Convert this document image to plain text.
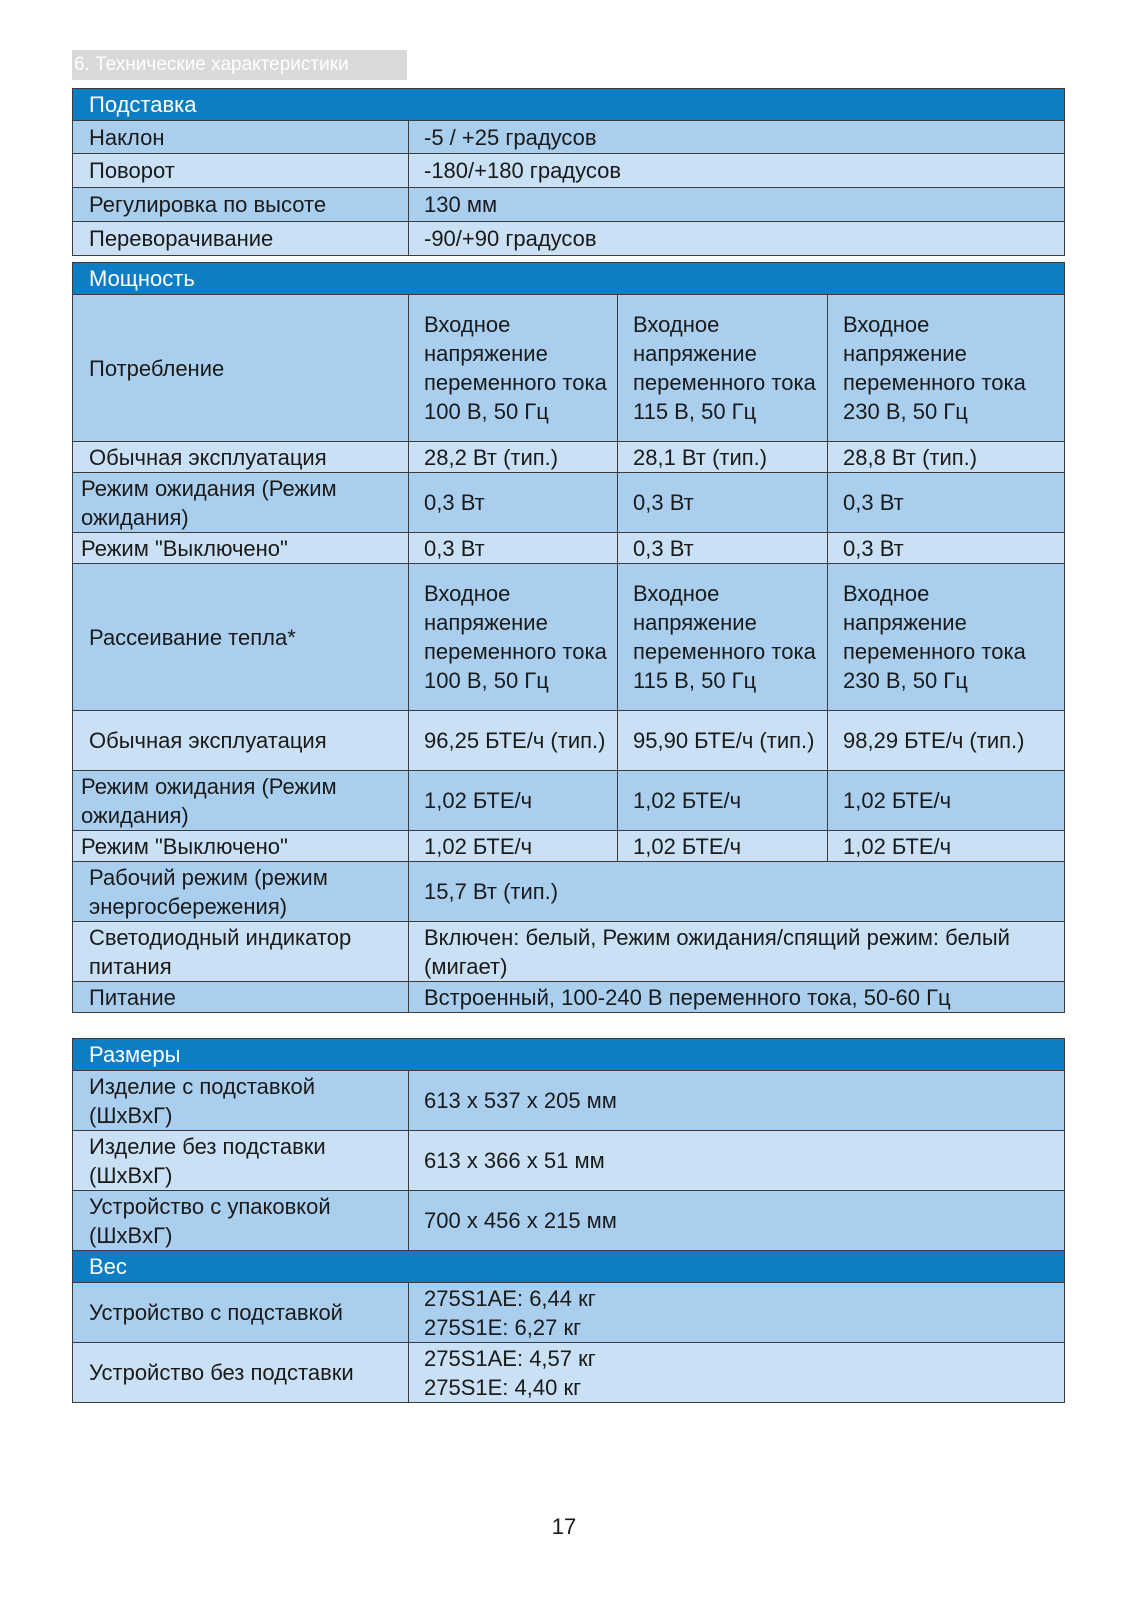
6. Технические характеристики
Подставка	
Наклон	-5 / +25 градусов
Поворот	-180/+180 градусов
Регулировка по высоте	130 мм
Переворачивание	-90/+90 градусов
Мощность			
Потребление	Входное напряжение переменного тока 100 В, 50 Гц	Входное напряжение переменного тока 115 В, 50 Гц	Входное напряжение переменного тока 230 В, 50 Гц
Обычная эксплуатация	28,2 Вт (тип.)	28,1 Вт (тип.)	28,8 Вт (тип.)
Режим ожидания (Режим ожидания)	0,3 Вт	0,3 Вт	0,3 Вт
Режим "Выключено"	0,3 Вт	0,3 Вт	0,3 Вт
Рассеивание тепла*	Входное напряжение переменного тока 100 В, 50 Гц	Входное напряжение переменного тока 115 В, 50 Гц	Входное напряжение переменного тока 230 В, 50 Гц
Обычная эксплуатация	96,25 БТЕ/ч (тип.)	95,90 БТЕ/ч (тип.)	98,29 БТЕ/ч (тип.)
Режим ожидания (Режим ожидания)	1,02 БТЕ/ч	1,02 БТЕ/ч	1,02 БТЕ/ч
Режим "Выключено"	1,02 БТЕ/ч	1,02 БТЕ/ч	1,02 БТЕ/ч
Рабочий режим (режим энергосбережения)	15,7 Вт (тип.)		
Светодиодный индикатор питания	Включен: белый, Режим ожидания/спящий режим: белый (мигает)		
Питание	Встроенный, 100-240 В переменного тока, 50-60 Гц		
Размеры	
Изделие с подставкой (ШxВxГ)	613 x 537 x 205 мм
Изделие без подставки (ШxВxГ)	613 x 366 x 51 мм
Устройство с упаковкой (ШxВxГ)	700 x 456 x 215 мм
Вес	
Устройство с подставкой	275S1AE: 6,44 кг
275S1E: 6,27 кг

Устройство без подставки	275S1AE: 4,57 кг
275S1E: 4,40 кг
17
